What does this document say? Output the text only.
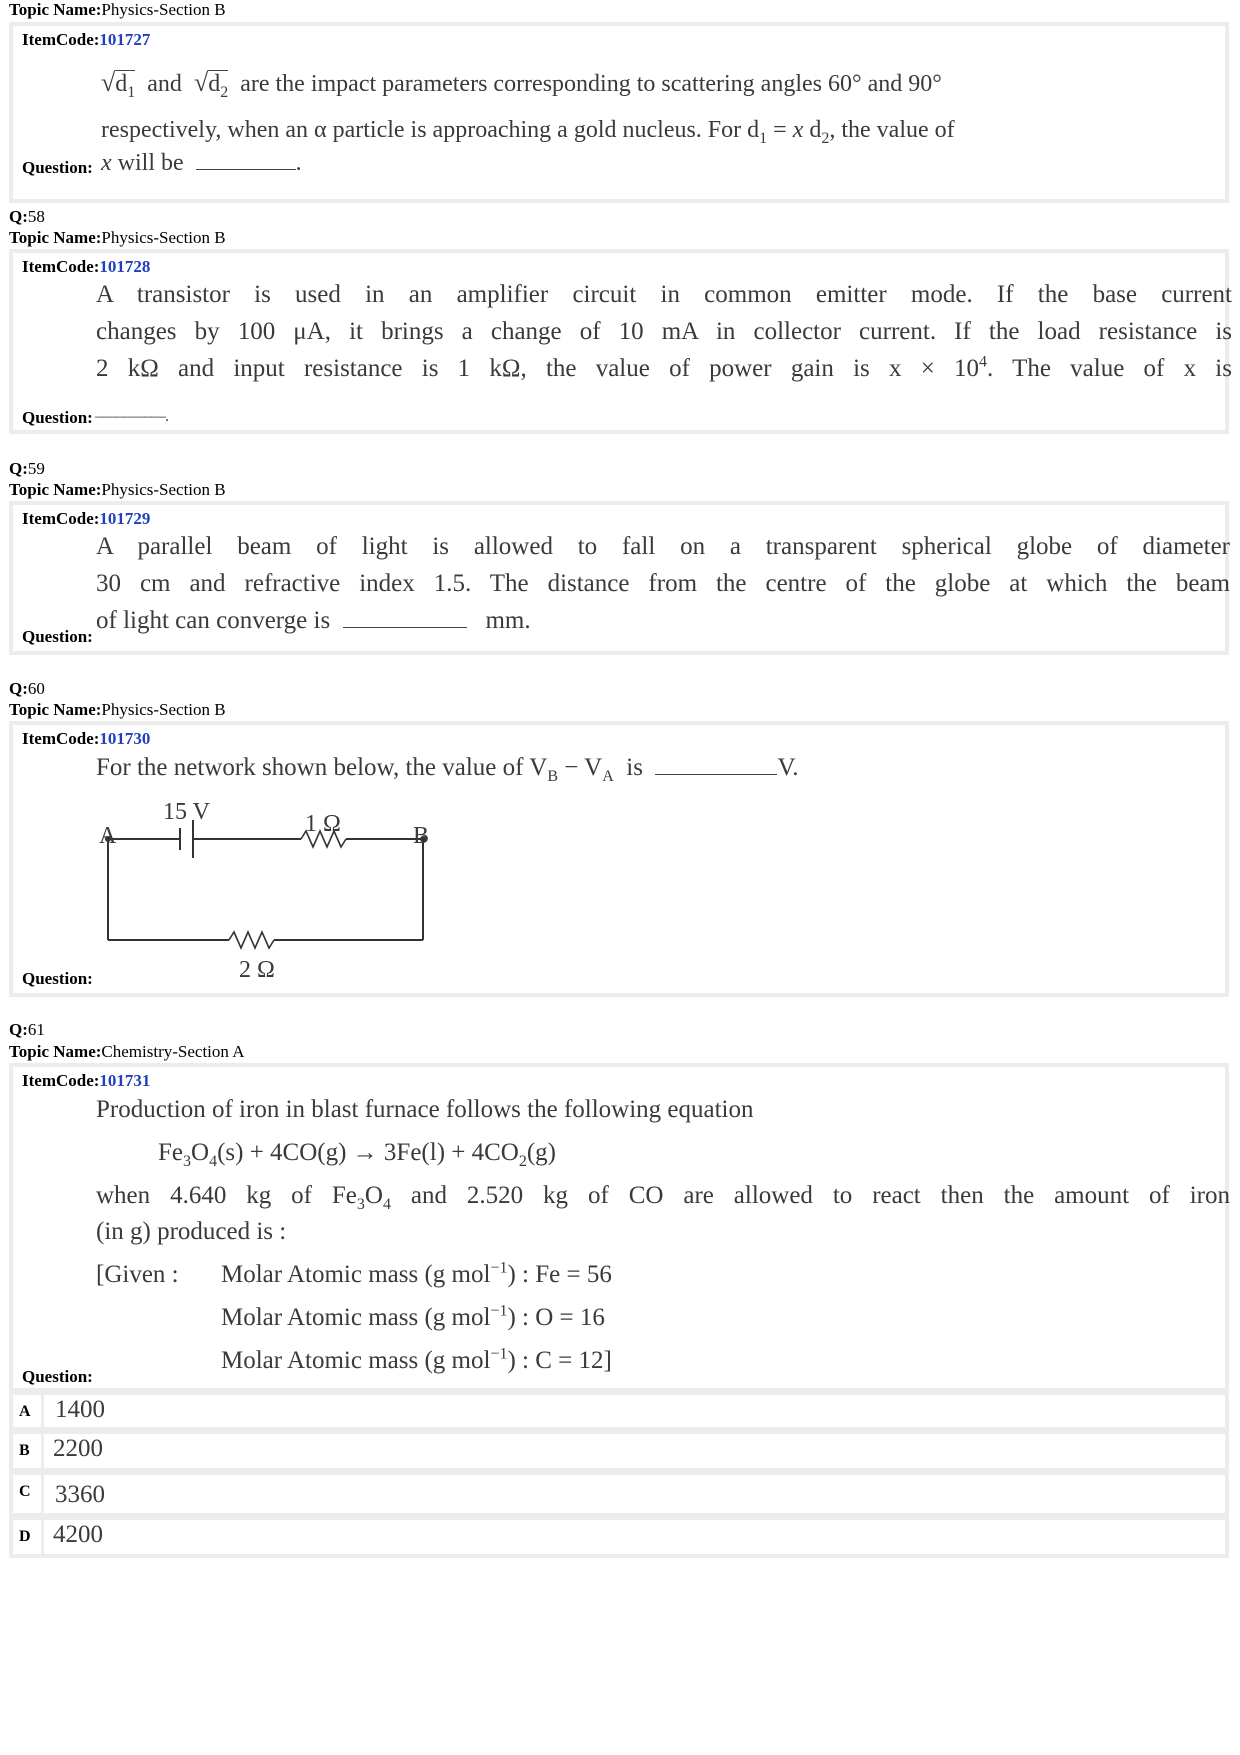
Topic Name:Physics-Section B
ItemCode:101727
$√d_1$ and $√d_2$ are the impact parameters corresponding to scattering angles 60° and 90°
respectively, when an α particle is approaching a gold nucleus. For $d_1 = x$ $d_2$, the value of
x will be	.
Question:
Q:58
Topic Name:Physics-Section B
ItemCode:101728
A transistor is used in an amplifier circuit in common emitter mode. If the base current
changes by 100 μA, it brings a change of 10 mA in collector current. If the load resistance is
2 kΩ and input resistance is 1 kΩ, the value of power gain is $x \times 10^4$. The value of x is
Question: ––––––––––.
Q:59
Topic Name:Physics-Section B
ItemCode:101729
A parallel beam of light is allowed to fall on a transparent spherical globe of diameter
30 cm and refractive index 1.5. The distance from the centre of the globe at which the beam
of light can converge is	mm.
Question:
Q:60
Topic Name:Physics-Section B
ItemCode:101730
For the network shown below, the value of $V_B - V_A$ is	V.
15 V
A	B
1 Ω
2 Ω
Question:
Q:61
Topic Name:Chemistry-Section A
ItemCode:101731
Production of iron in blast furnace follows the following equation
$Fe_3O_4(s) + 4CO(g) \to 3Fe(l) + 4CO_2(g)$
when 4.640 kg of $Fe_3O_4$ and 2.520 kg of CO are allowed to react then the amount of iron
(in g) produced is :
[Given : Molar Atomic mass (g mol$^{-1}$) : Fe = 56
Molar Atomic mass (g mol$^{-1}$) : O = 16
Molar Atomic mass (g mol$^{-1}$) : C = 12]
Question:
A 1400
B 2200
C 3360
D 4200
